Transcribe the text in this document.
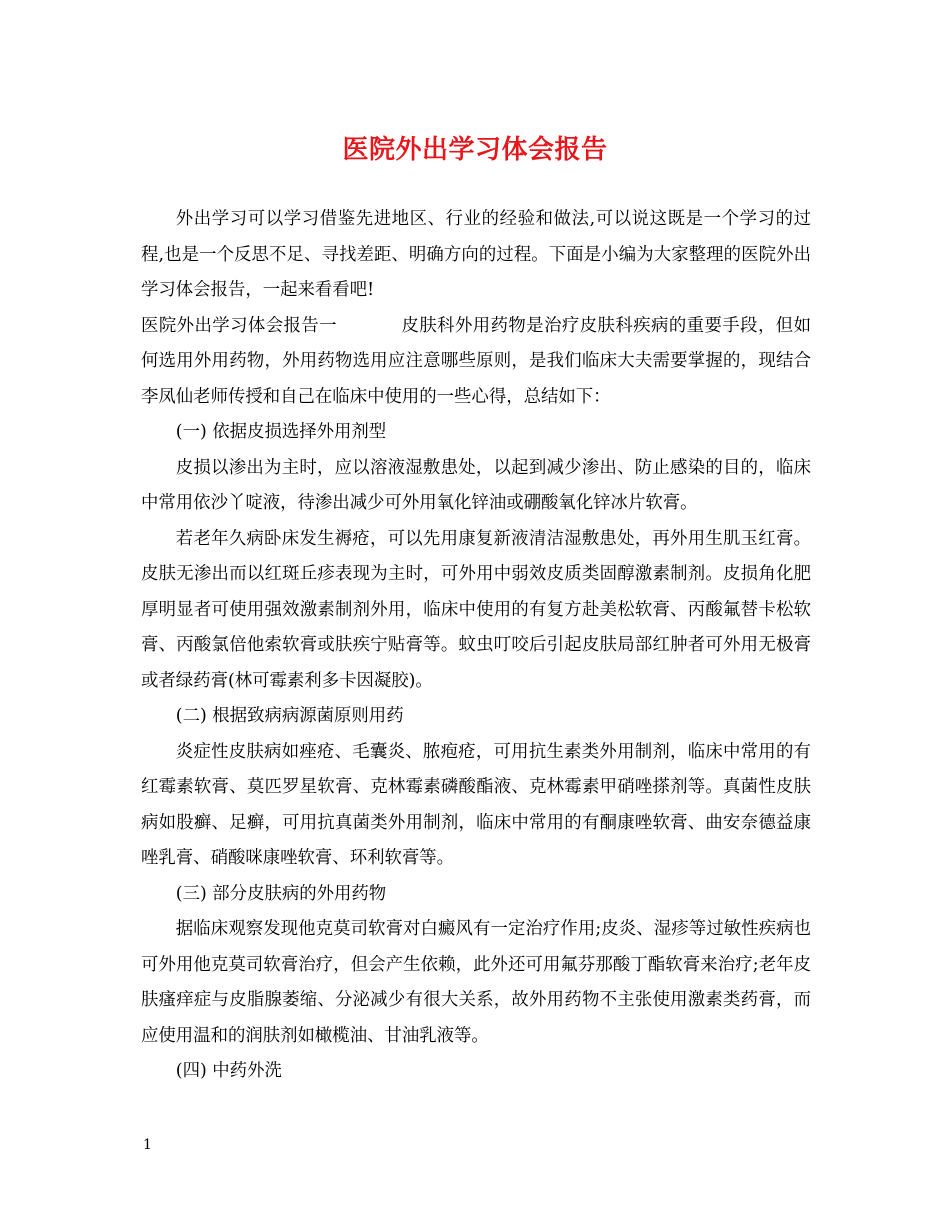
医院外出学习体会报告

外出学习可以学习借鉴先进地区、行业的经验和做法,可以说这既是一个学习的过程,也是一个反思不足、寻找差距、明确方向的过程。下面是小编为大家整理的医院外出学习体会报告，一起来看看吧!

医院外出学习体会报告一	皮肤科外用药物是治疗皮肤科疾病的重要手段，但如何选用外用药物，外用药物选用应注意哪些原则，是我们临床大夫需要掌握的，现结合李凤仙老师传授和自己在临床中使用的一些心得，总结如下：

(一) 依据皮损选择外用剂型

皮损以渗出为主时，应以溶液湿敷患处，以起到减少渗出、防止感染的目的，临床中常用依沙丫啶液，待渗出减少可外用氧化锌油或硼酸氧化锌冰片软膏。

若老年久病卧床发生褥疮，可以先用康复新液清洁湿敷患处，再外用生肌玉红膏。皮肤无渗出而以红斑丘疹表现为主时，可外用中弱效皮质类固醇激素制剂。皮损角化肥厚明显者可使用强效激素制剂外用，临床中使用的有复方赴美松软膏、丙酸氟替卡松软膏、丙酸氯倍他索软膏或肤疾宁贴膏等。蚊虫叮咬后引起皮肤局部红肿者可外用无极膏或者绿药膏(林可霉素利多卡因凝胶)。

(二) 根据致病病源菌原则用药

炎症性皮肤病如痤疮、毛囊炎、脓疱疮，可用抗生素类外用制剂，临床中常用的有红霉素软膏、莫匹罗星软膏、克林霉素磷酸酯液、克林霉素甲硝唑搽剂等。真菌性皮肤病如股癣、足癣，可用抗真菌类外用制剂，临床中常用的有酮康唑软膏、曲安奈德益康唑乳膏、硝酸咪康唑软膏、环利软膏等。

(三) 部分皮肤病的外用药物

据临床观察发现他克莫司软膏对白癜风有一定治疗作用;皮炎、湿疹等过敏性疾病也可外用他克莫司软膏治疗，但会产生依赖，此外还可用氟芬那酸丁酯软膏来治疗;老年皮肤瘙痒症与皮脂腺萎缩、分泌减少有很大关系，故外用药物不主张使用激素类药膏，而应使用温和的润肤剂如橄榄油、甘油乳液等。

(四) 中药外洗

1
